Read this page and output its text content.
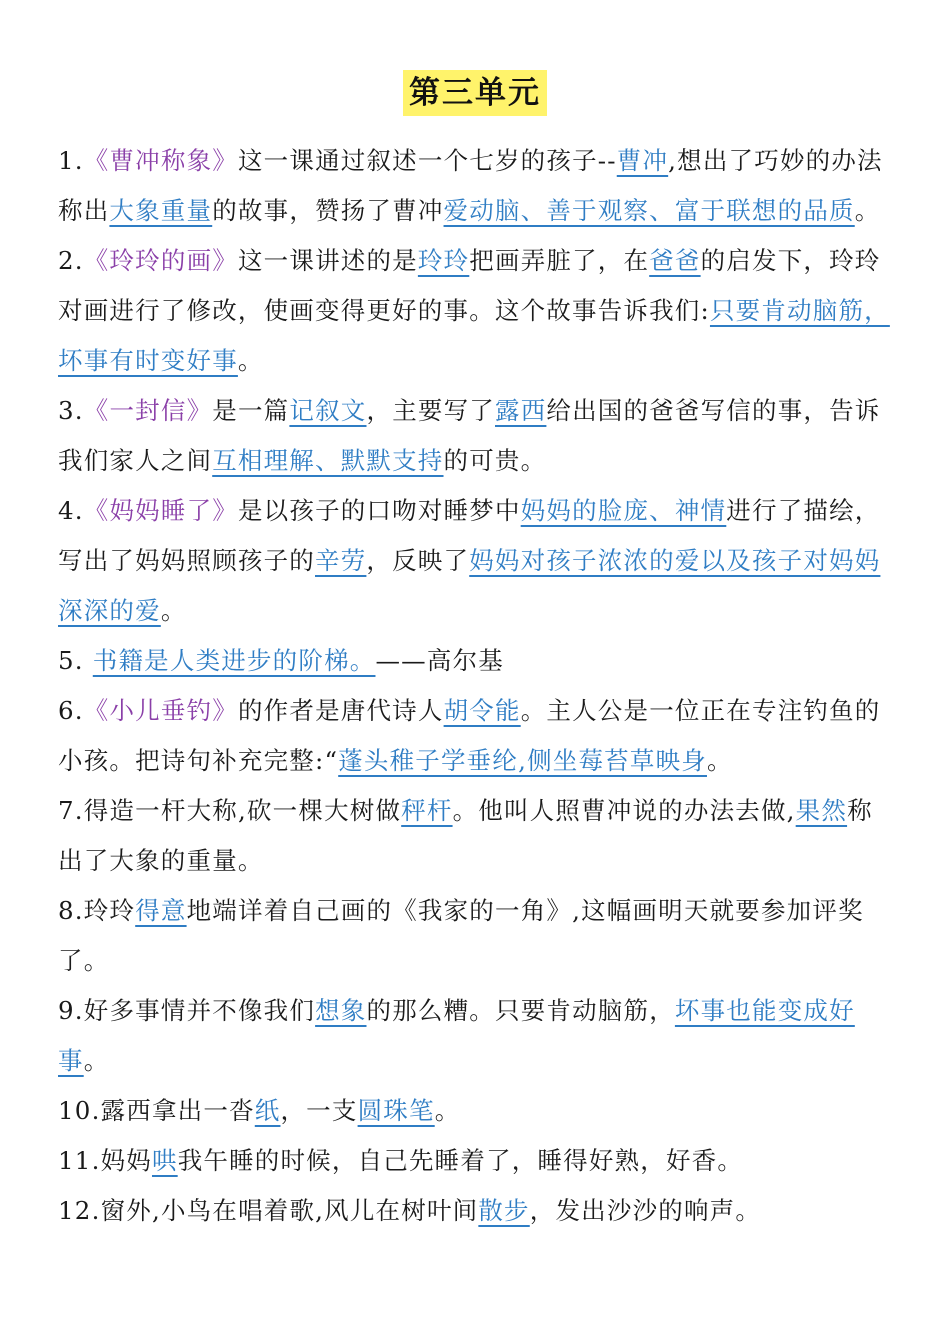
第三单元
1.《曹冲称象》这一课通过叙述一个七岁的孩子--曹冲,想出了巧妙的办法称出大象重量的故事，赞扬了曹冲爱动脑、善于观察、富于联想的品质。
2.《玲玲的画》这一课讲述的是玲玲把画弄脏了，在爸爸的启发下，玲玲对画进行了修改，使画变得更好的事。这个故事告诉我们:只要肯动脑筋，坏事有时变好事。
3.《一封信》是一篇记叙文，主要写了露西给出国的爸爸写信的事，告诉我们家人之间互相理解、默默支持的可贵。
4.《妈妈睡了》是以孩子的口吻对睡梦中妈妈的脸庞、神情进行了描绘，写出了妈妈照顾孩子的辛劳，反映了妈妈对孩子浓浓的爱以及孩子对妈妈深深的爱。
5. 书籍是人类进步的阶梯。——高尔基
6.《小儿垂钓》的作者是唐代诗人胡令能。主人公是一位正在专注钓鱼的小孩。把诗句补充完整:“蓬头稚子学垂纶,侧坐莓苔草映身。
7.得造一杆大称,砍一棵大树做秤杆。他叫人照曹冲说的办法去做,果然称出了大象的重量。
8.玲玲得意地端详着自己画的《我家的一角》,这幅画明天就要参加评奖了。
9.好多事情并不像我们想象的那么糟。只要肯动脑筋，坏事也能变成好事。
10.露西拿出一沓纸，一支圆珠笔。
11.妈妈哄我午睡的时候，自己先睡着了，睡得好熟，好香。
12.窗外,小鸟在唱着歌,风儿在树叶间散步，发出沙沙的响声。
